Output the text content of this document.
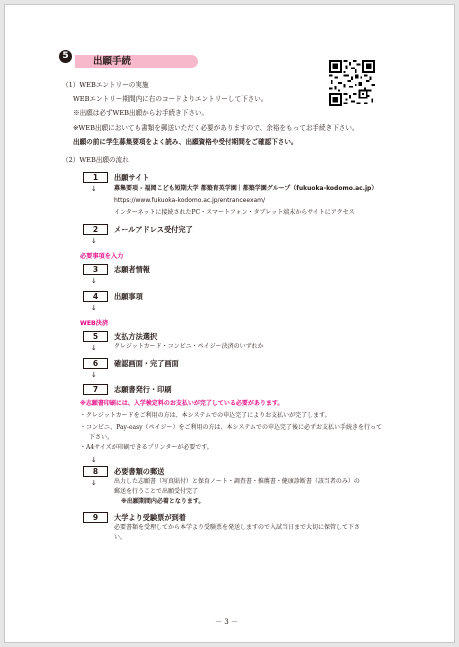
5	出願手続
（1）WEBエントリーの実施
WEBエントリー期間内に右のコードよりエントリーして下さい。
※出願は必ずWEB出願からお手続き下さい。
※WEB出願においても書類を郵送いただく必要がありますので、余裕をもってお手続き下さい。
出願の前に学生募集要項をよく読み、出願資格や受付期間をご確認下さい。
（2）WEB出願の流れ
1	出願サイト
↓	募集要項 - 福岡こども短期大学 都築育英学園｜都築学園グループ（fukuoka-kodomo.ac.jp）
https://www.fukuoka-kodomo.ac.jp/entranceexam/
インターネットに接続されたPC・スマートフォン・タブレット端末からサイトにアクセス
2	メールアドレス受付完了
↓
必要事項を入力
3	志願者情報
↓
4	出願事項
↓
WEB決済
5	支払方法選択
↓	クレジットカード・コンビニ・ペイジー決済のいずれか
6	確認画面・完了画面
↓
7	志願書発行・印刷
※志願書印刷には、入学検定料のお支払いが完了している必要があります。
・クレジットカードをご利用の方は、本システムでの申込完了によりお支払いが完了します。
・コンビニ、Pay-easy（ペイジー）をご利用の方は、本システムでの申込完了後に必ずお支払い手続きを行って
下さい。
・A4サイズが印刷できるプリンターが必要です。
↓
8	必要書類の郵送
↓	出力した志願書（写真貼付）と保育ノート・調査書・推薦書・健康診断書（該当者のみ）の
郵送を行うことで出願受付完了
※出願期間内必着となります。
9	大学より受験票が到着
必要書類を受理してから本学より受験票を発送しますので入試当日まで大切に保管して下さ
い。
－ 3 －
